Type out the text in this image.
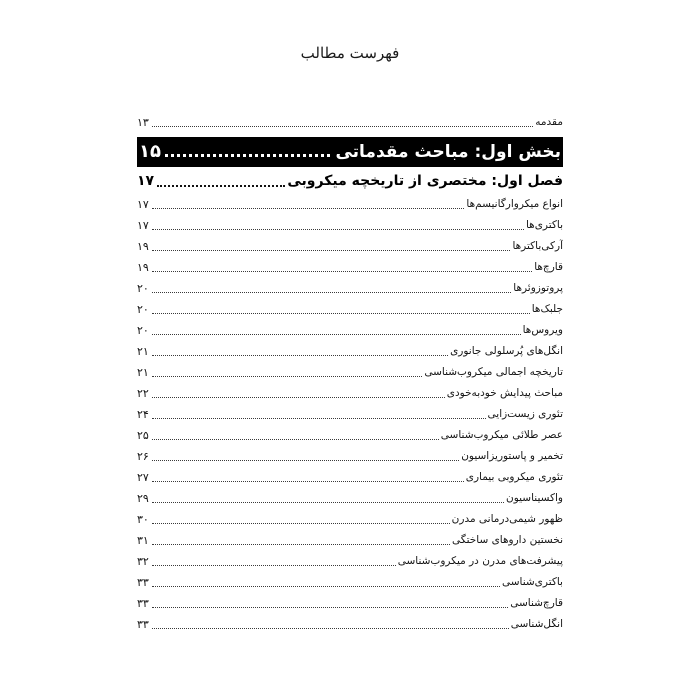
فهرست مطالب
مقدمه
۱۳
بخش اول: مباحث مقدماتی
۱۵
فصل اول: مختصری از تاریخچه میکروبی
۱۷
انواع میکروارگانیسم‌ها
۱۷
باکتری‌ها
۱۷
آرکی‌باکترها
۱۹
قارچ‌ها
۱۹
پروتوزوئرها
۲۰
جلبک‌ها
۲۰
ویروس‌ها
۲۰
انگل‌های پُرسلولی جانوری
۲۱
تاریخچه اجمالی میکروب‌شناسی
۲۱
مباحث پیدایش خودبه‌خودی
۲۲
تئوری زیست‌زایی
۲۴
عصر طلائی میکروب‌شناسی
۲۵
تخمیر و پاستوریزاسیون
۲۶
تئوری میکروبی بیماری
۲۷
واکسیناسیون
۲۹
ظهور شیمی‌درمانی مدرن
۳۰
نخستین داروهای ساختگی
۳۱
پیشرفت‌های مدرن در میکروب‌شناسی
۳۲
باکتری‌شناسی
۳۳
قارچ‌شناسی
۳۳
انگل‌شناسی
۳۳
